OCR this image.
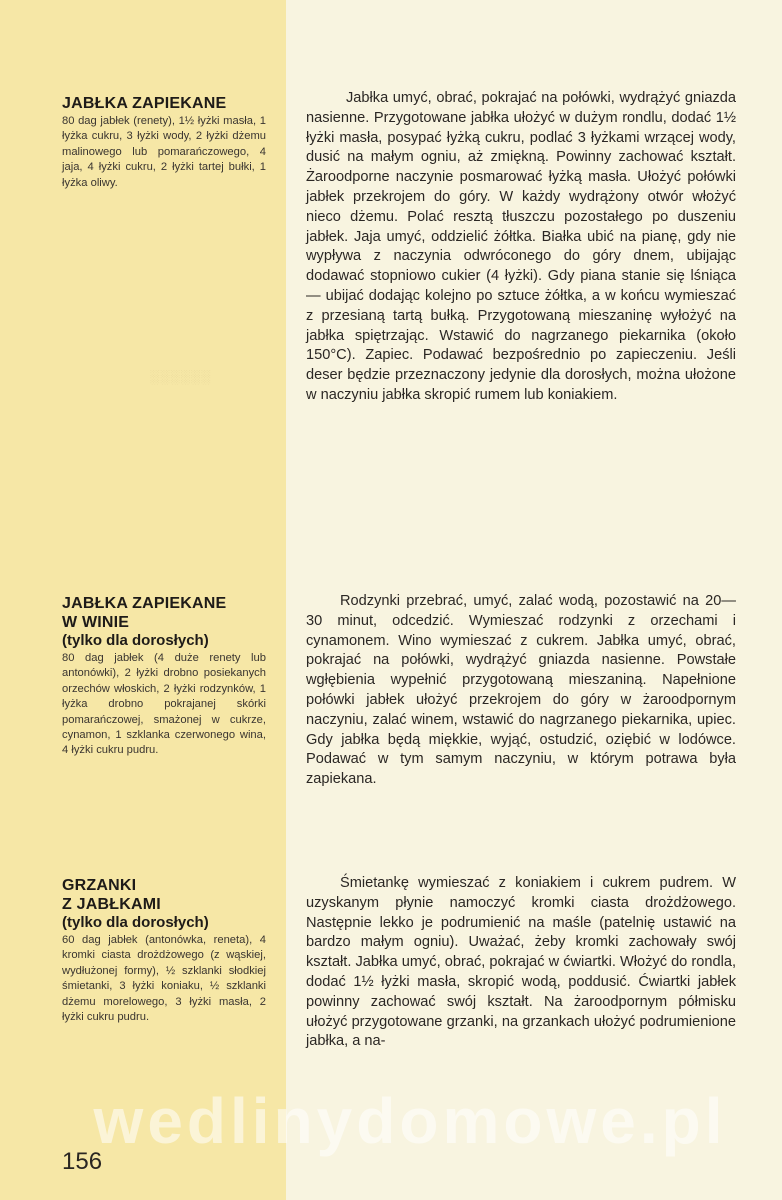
░░░░░░
JABŁKA ZAPIEKANE
80 dag jabłek (renety), 1½ łyżki masła, 1 łyżka cukru, 3 łyżki wody, 2 łyżki dżemu malinowego lub pomarańczowego, 4 jaja, 4 łyżki cukru, 2 łyżki tartej bułki, 1 łyżka oliwy.
Jabłka umyć, obrać, pokrajać na połówki, wydrążyć gniazda nasienne. Przygotowane jabłka ułożyć w dużym rondlu, dodać 1½ łyżki masła, posypać łyżką cukru, podlać 3 łyżkami wrzącej wody, dusić na małym ogniu, aż zmiękną. Powinny zachować kształt. Żaroodporne naczynie posmarować łyżką masła. Ułożyć połówki jabłek przekrojem do góry. W każdy wydrążony otwór włożyć nieco dżemu. Polać resztą tłuszczu pozostałego po duszeniu jabłek. Jaja umyć, oddzielić żółtka. Białka ubić na pianę, gdy nie wypływa z naczynia odwróconego do góry dnem, ubijając dodawać stopniowo cukier (4 łyżki). Gdy piana stanie się lśniąca — ubijać dodając kolejno po sztuce żółtka, a w końcu wymieszać z przesianą tartą bułką. Przygotowaną mieszaninę wyłożyć na jabłka spiętrzając. Wstawić do nagrzanego piekarnika (około 150°C). Zapiec. Podawać bezpośrednio po zapieczeniu. Jeśli deser będzie przeznaczony jedynie dla dorosłych, można ułożone w naczyniu jabłka skropić rumem lub koniakiem.
JABŁKA ZAPIEKANE
W WINIE
(tylko dla dorosłych)
80 dag jabłek (4 duże renety lub antonówki), 2 łyżki drobno posiekanych orzechów włoskich, 2 łyżki rodzynków, 1 łyżka drobno pokrajanej skórki pomarańczowej, smażonej w cukrze, cynamon, 1 szklanka czerwonego wina, 4 łyżki cukru pudru.
Rodzynki przebrać, umyć, zalać wodą, pozostawić na 20—30 minut, odcedzić. Wymieszać rodzynki z orzechami i cynamonem. Wino wymieszać z cukrem. Jabłka umyć, obrać, pokrajać na połówki, wydrążyć gniazda nasienne. Powstałe wgłębienia wypełnić przygotowaną mieszaniną. Napełnione połówki jabłek ułożyć przekrojem do góry w żaroodpornym naczyniu, zalać winem, wstawić do nagrzanego piekarnika, upiec. Gdy jabłka będą miękkie, wyjąć, ostudzić, oziębić w lodówce. Podawać w tym samym naczyniu, w którym potrawa była zapiekana.
GRZANKI
Z JABŁKAMI
(tylko dla dorosłych)
60 dag jabłek (antonówka, reneta), 4 kromki ciasta drożdżowego (z wąskiej, wydłużonej formy), ½ szklanki słodkiej śmietanki, 3 łyżki koniaku, ½ szklanki dżemu morelowego, 3 łyżki masła, 2 łyżki cukru pudru.
Śmietankę wymieszać z koniakiem i cukrem pudrem. W uzyskanym płynie namoczyć kromki ciasta drożdżowego. Następnie lekko je podrumienić na maśle (patelnię ustawić na bardzo małym ogniu). Uważać, żeby kromki zachowały swój kształt. Jabłka umyć, obrać, pokrajać w ćwiartki. Włożyć do rondla, dodać 1½ łyżki masła, skropić wodą, poddusić. Ćwiartki jabłek powinny zachować swój kształt. Na żaroodpornym półmisku ułożyć przygotowane grzanki, na grzankach ułożyć podrumienione jabłka, a na-
wedlinydomowe.pl
156
